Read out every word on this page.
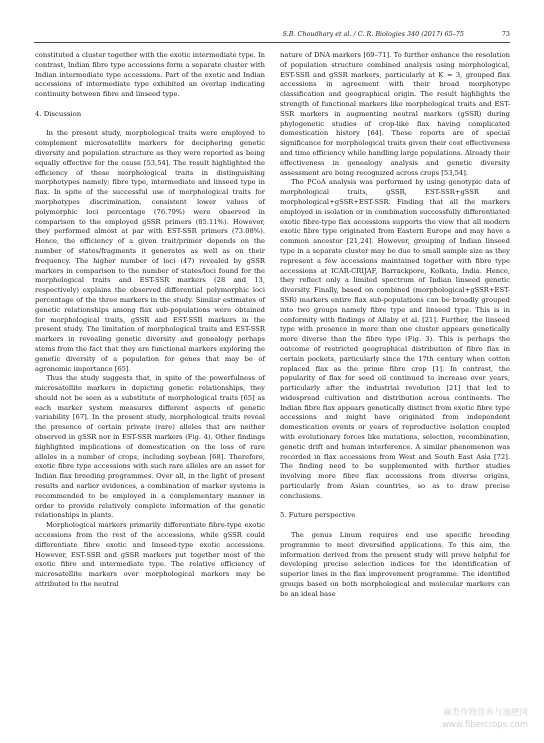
S.B. Choudhary et al. / C. R. Biologies 340 (2017) 65–75	73

constituted a cluster together with the exotic intermediate type. In contrast, Indian fibre type accessions form a separate cluster with Indian intermediate type accessions. Part of the exotic and Indian accessions of intermediate type exhibited an overlap indicating continuity between fibre and linseed type.

4. Discussion

In the present study, morphological traits were employed to complement microsatellite markers for deciphering genetic diversity and population structure as they were reported as being equally effective for the cause [53,54]. The result highlighted the efficiency of these morphological traits in distinguishing morphotypes namely; fibre type, intermediate and linseed type in flax. In spite of the successful use of morphological traits for morphotypes discrimination, consistent lower values of polymorphic loci percentage (76.79%) were observed in comparison to the employed gSSR primers (85.11%). However, they performed almost at par with EST-SSR primers (73.08%). Hence, the efficiency of a given trait/primer depends on the number of states/fragments it generates as well as on their frequency. The higher number of loci (47) revealed by gSSR markers in comparison to the number of states/loci found for the morphological traits and EST-SSR markers (28 and 13, respectively) explains the observed differential polymorphic loci percentage of the three markers in the study. Similar estimates of genetic relationships among flax sub-populations were obtained for morphological traits, gSSR and EST-SSR markers in the present study. The limitation of morphological traits and EST-SSR markers in revealing genetic diversity and genealogy perhaps stems from the fact that they are functional markers exploring the genetic diversity of a population for genes that may be of agronomic importance [65].

Thus the study suggests that, in spite of the powerfulness of microsatellite markers in depicting genetic relationships, they should not be seen as a substitute of morphological traits [65] as each marker system measures different aspects of genetic variability [67]. In the present study, morphological traits reveal the presence of certain private (rare) alleles that are neither observed in gSSR nor in EST-SSR markers (Fig. 4). Other findings highlighted implications of domestication on the loss of rare alleles in a number of crops, including soybean [68]. Therefore, exotic fibre type accessions with such rare alleles are an asset for Indian flax breeding programmes. Over all, in the light of present results and earlier evidences, a combination of marker systems is recommended to be employed in a complementary manner in order to provide relatively complete information of the genetic relationships in plants.

Morphological markers primarily differentiate fibre-type exotic accessions from the rest of the accessions, while gSSR could differentiate fibre exotic and linseed-type exotic accessions. However, EST-SSR and gSSR markers put together most of the exotic fibre and intermediate type. The relative efficiency of microsatellite markers over morphological markers may be attributed to the neutral

nature of DNA markers [69–71]. To further enhance the resolution of population structure combined analysis using morphological, EST-SSR and gSSR markers, particularly at K = 3, grouped flax accessions in agreement with their broad morphotype classification and geographical origin. The result highlights the strength of functional markers like morphological traits and EST-SSR markers in augmenting neutral markers (gSSR) during phylogenetic studies of crop-like flax having complicated domestication history [64]. These reports are of special significance for morphological traits given their cost effectiveness and time efficiency while handling large populations. Already their effectiveness in genealogy analysis and genetic diversity assessment are being recognized across crops [53,54].

The PCoA analysis was performed by using genotypic data of morphological traits, gSSR, EST-SSR+gSSR and morphological+gSSR+EST-SSR. Finding that all the markers employed in isolation or in combination successfully differentiated exotic fibre-type flax accessions supports the view that all modern exotic fibre type originated from Eastern Europe and may have a common ancestor [21,24]. However, grouping of Indian linseed type in a separate cluster may be due to small sample size as they represent a few accessions maintained together with fibre type accessions at ICAR-CRIJAF, Barrackpore, Kolkata, India. Hence, they reflect only a limited spectrum of Indian linseed genetic diversity. Finally, based on combined (morphological+gSSR+EST-SSR) markers entire flax sub-populations can be broadly grouped into two groups namely fibre type and linseed type. This is in conformity with findings of Allaby et al. [21]. Further, the linseed type with presence in more than one cluster appears genetically more diverse than the fibre type (Fig. 3). This is perhaps the outcome of restricted geographical distribution of fibre flax in certain pockets, particularly since the 17th century when cotton replaced flax as the prime fibre crop [1]. In contrast, the popularity of flax for seed oil continued to increase over years, particularly after the industrial revolution [21] that led to widespread cultivation and distribution across continents. The Indian fibre flax appears genetically distinct from exotic fibre type accessions and might have originated from independent domestication events or years of reproductive isolation coupled with evolutionary forces like mutations, selection, recombination, genetic drift and human interference. A similar phenomenon was recorded in flax accessions from West and South East Asia [72]. The finding need to be supplemented with further studies involving more fibre flax accessions from diverse origins, particularly from Asian countries, so as to draw precise conclusions.

5. Future perspective

The genus Linum requires end use specific breeding programme to meet diversified applications. To this aim, the information derived from the present study will prove helpful for developing precise selection indices for the identification of superior lines in the flax improvement programme. The identified groups based on both morphological and molecular markers can be an ideal base

麻类作物营养与施肥网
www.fibercrops.com
